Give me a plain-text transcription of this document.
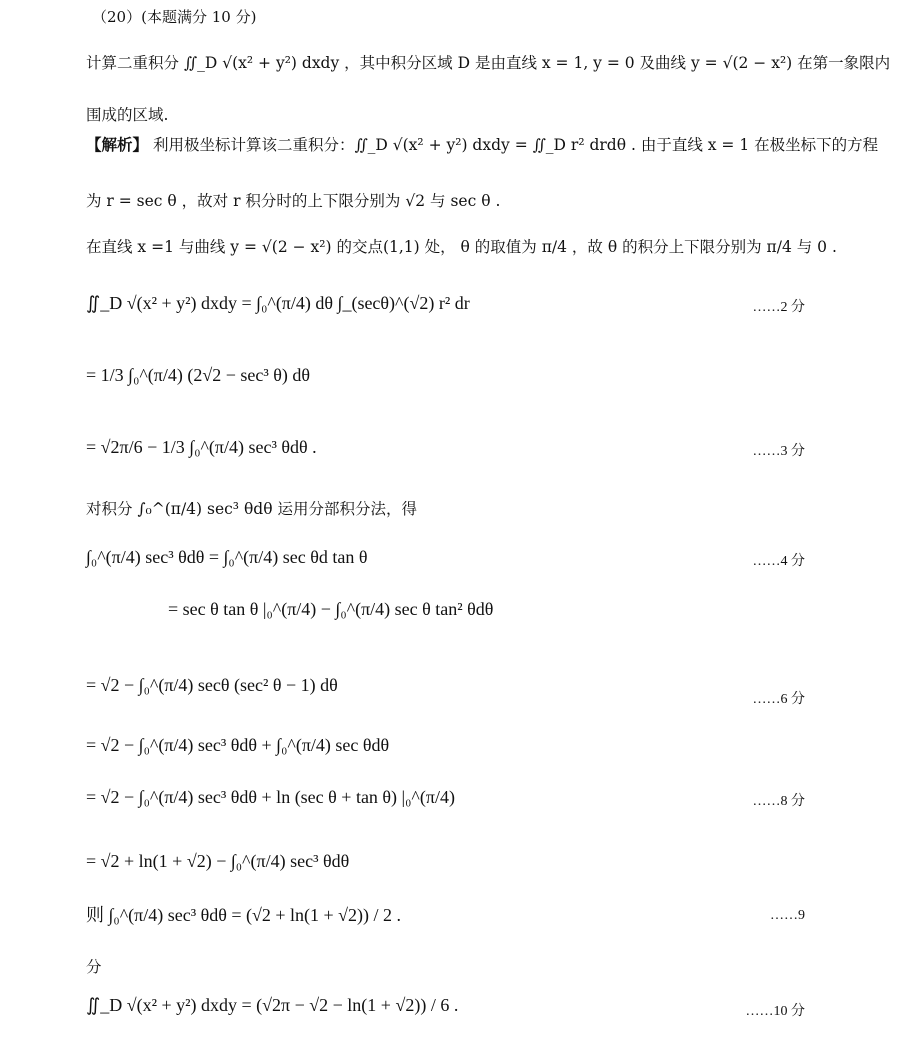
（20）(本题满分 10 分)
计算二重积分 ∬_D √(x² + y²) dxdy ，其中积分区域 D 是由直线 x = 1, y = 0 及曲线 y = √(2 − x²) 在第一象限内
围成的区域.
【解析】 利用极坐标计算该二重积分：∬_D √(x² + y²) dxdy = ∬_D r² drdθ . 由于直线 x = 1 在极坐标下的方程
为 r = sec θ ，故对 r 积分时的上下限分别为 √2 与 sec θ .
在直线 x =1 与曲线 y = √(2 − x²) 的交点(1,1) 处， θ 的取值为 π/4 ，故 θ 的积分上下限分别为 π/4 与 0 .
∬_D √(x² + y²) dxdy = ∫₀^(π/4) dθ ∫_(secθ)^(√2) r² dr	……2 分
= 1/3 ∫₀^(π/4) (2√2 − sec³ θ) dθ
= √2π/6 − 1/3 ∫₀^(π/4) sec³ θdθ .	……3 分
对积分 ∫₀^(π/4) sec³ θdθ 运用分部积分法，得
∫₀^(π/4) sec³ θdθ = ∫₀^(π/4) sec θd tan θ	……4 分
= sec θ tan θ |₀^(π/4) − ∫₀^(π/4) sec θ tan² θdθ
= √2 − ∫₀^(π/4) secθ (sec² θ − 1) dθ
……6 分
= √2 − ∫₀^(π/4) sec³ θdθ + ∫₀^(π/4) sec θdθ
= √2 − ∫₀^(π/4) sec³ θdθ + ln (sec θ + tan θ) |₀^(π/4)	……8 分
= √2 + ln(1 + √2) − ∫₀^(π/4) sec³ θdθ
则 ∫₀^(π/4) sec³ θdθ = (√2 + ln(1 + √2)) / 2 .	……9
分
∬_D √(x² + y²) dxdy = (√2π − √2 − ln(1 + √2)) / 6 .	……10 分
